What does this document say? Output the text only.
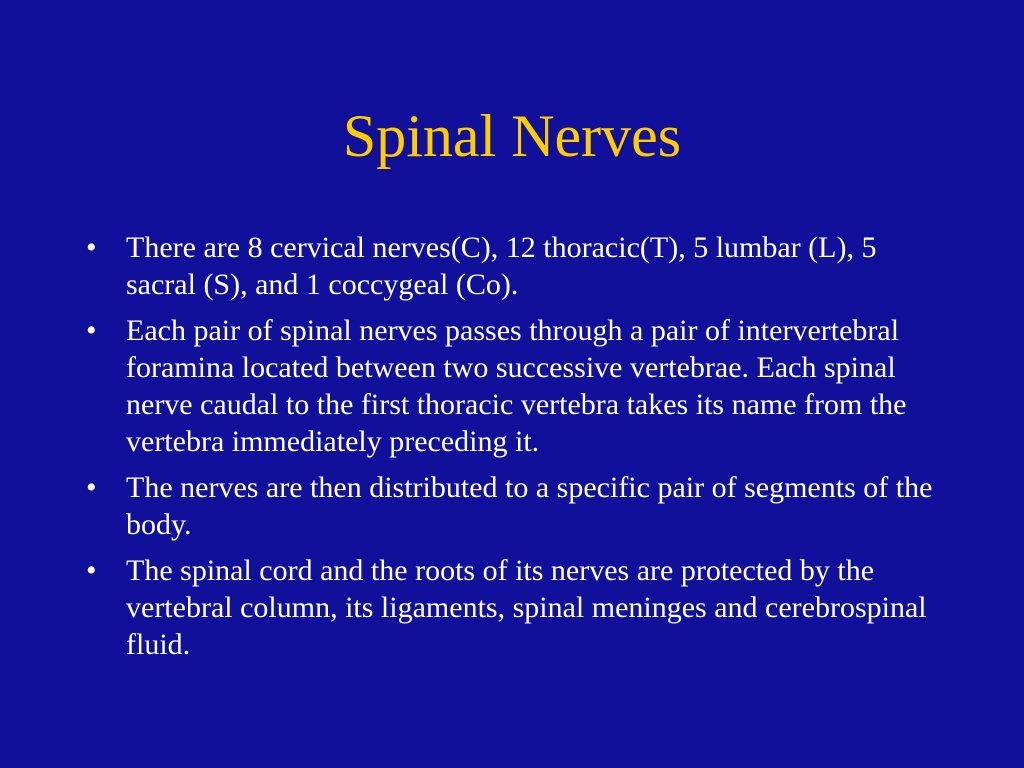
Spinal Nerves
• There are 8 cervical nerves(C), 12 thoracic(T), 5 lumbar (L), 5 sacral (S), and 1 coccygeal (Co).
• Each pair of spinal nerves passes through a pair of intervertebral foramina located between two successive vertebrae. Each spinal nerve caudal to the first thoracic vertebra takes its name from the vertebra immediately preceding it.
• The nerves are then distributed to a specific pair of segments of the body.
• The spinal cord and the roots of its nerves are protected by the vertebral column, its ligaments, spinal meninges and cerebrospinal fluid.
